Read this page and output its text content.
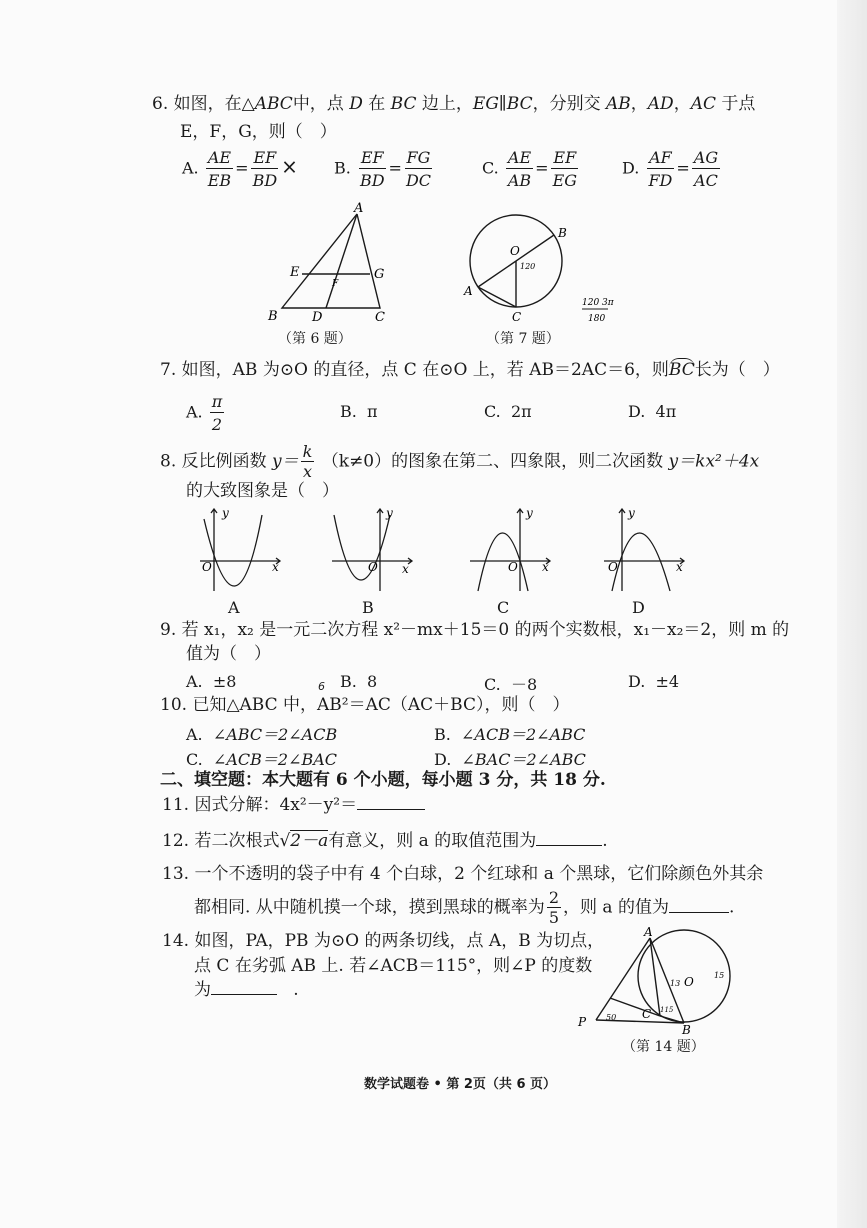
6. 如图，在△ABC中，点 D 在 BC 边上，EG∥BC，分别交 AB，AD，AC 于点
E，F，G，则（　）
A. $\frac{AE}{EB} = \frac{EF}{BD} \times B$. $\frac{EF}{BD} = \frac{FG}{DC}$	C. $\frac{AE}{AB} = \frac{EF}{EG}$	D. $\frac{AF}{FD} = \frac{AG}{AC}$
A
B	C
D
E	G
F
（第 6 题）
O
B
A
C
120
120 3π
180
（第 7 题）
7. 如图，AB 为⊙O 的直径，点 C 在⊙O 上，若 AB＝2AC＝6，则BC长为（　）
A. $\frac{\pi}{2}$	B. π	C. 2π	D. 4π
8. 反比例函数 $y= \frac{k}{x} (k\ne 0)$的图象在第二、四象限，则二次函数 y＝kx²＋4x
的大致图象是（　）
y
O	x
A
y
O x
B
y
O x
C
y
O	x
D
9. 若 x₁，x₂ 是一元二次方程 x²－mx＋15＝0 的两个实数根，x₁－x₂＝2，则 m 的
值为（　）
A. ±8	B. 8	C. －8	D. ±4
6
10. 已知△ABC 中，AB²＝AC（AC＋BC），则（　）
A. ∠ABC＝2∠ACB	B. ∠ACB＝2∠ABC
C. ∠ACB＝2∠BAC	D. ∠BAC＝2∠ABC
二、填空题：本大题有 6 个小题，每小题 3 分，共 18 分.
11. 因式分解：4x²－y²＝
12. 若二次根式√2－a有意义，则 a 的取值范围为	.
13. 一个不透明的袋子中有 4 个白球，2 个红球和 a 个黑球，它们除颜色外其余
都相同. 从中随机摸一个球，摸到黑球的概率为 $\frac{2}{5}$ ，则 a 的值为	.
14. 如图，PA，PB 为⊙O 的两条切线，点 A，B 为切点，
点 C 在劣弧 AB 上. 若∠ACB＝115°，则∠P 的度数
为	.
A
B
C
O
P
13
15
50
115
（第 14 题）
数学试题卷 • 第 2页（共 6 页）
